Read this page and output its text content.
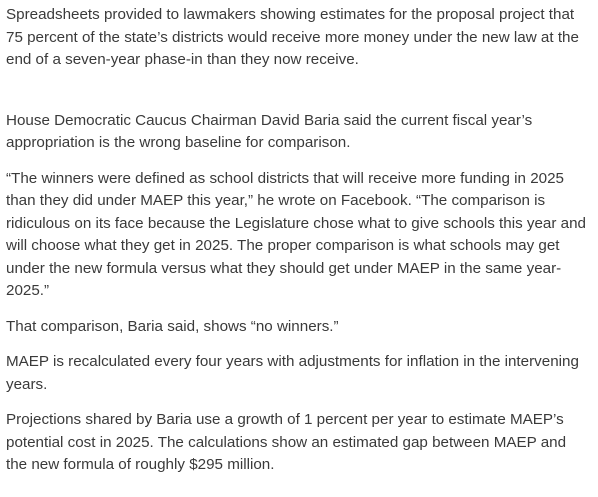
Spreadsheets provided to lawmakers showing estimates for the proposal project that 75 percent of the state’s districts would receive more money under the new law at the end of a seven-year phase-in than they now receive.

House Democratic Caucus Chairman David Baria said the current fiscal year’s appropriation is the wrong baseline for comparison.

“The winners were defined as school districts that will receive more funding in 2025 than they did under MAEP this year,” he wrote on Facebook. “The comparison is ridiculous on its face because the Legislature chose what to give schools this year and will choose what they get in 2025. The proper comparison is what schools may get under the new formula versus what they should get under MAEP in the same year-2025.”

That comparison, Baria said, shows “no winners.”

MAEP is recalculated every four years with adjustments for inflation in the intervening years.

Projections shared by Baria use a growth of 1 percent per year to estimate MAEP’s potential cost in 2025. The calculations show an estimated gap between MAEP and the new formula of roughly $295 million.
